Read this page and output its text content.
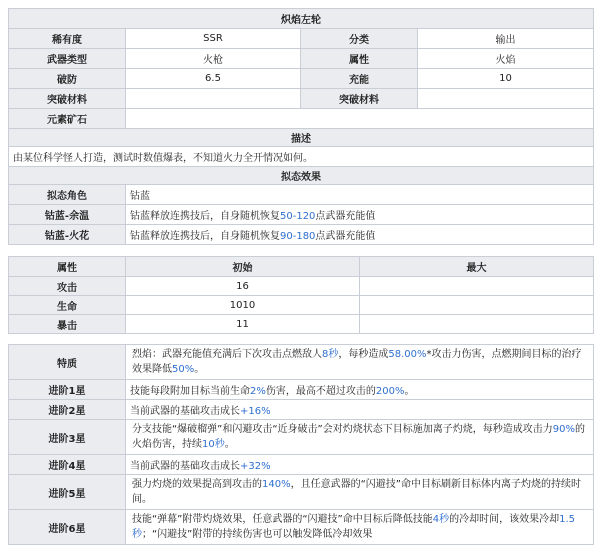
炽焰左轮			
稀有度	SSR	分类	输出
武器类型	火枪	属性	火焰
破防	6.5	充能	10
突破材料		突破材料	
元素矿石			
描述			
由某位科学怪人打造，测试时数值爆表，不知道火力全开情况如何。			
拟态效果			
拟态角色	钴蓝		
钴蓝-余温	钴蓝释放连携技后，自身随机恢复50-120点武器充能值		
钴蓝-火花	钴蓝释放连携技后，自身随机恢复90-180点武器充能值		
属性	初始	最大
攻击	16	
生命	1010	
暴击	11	
特质	烈焰：武器充能值充满后下次攻击点燃敌人8秒，每秒造成58.00%*攻击力伤害，点燃期间目标的治疗效果降低50%。
进阶1星	技能每段附加目标当前生命2%伤害，最高不超过攻击的200%。
进阶2星	当前武器的基础攻击成长+16%
进阶3星	分支技能“爆破榴弹”和闪避攻击“近身破击”会对灼烧状态下目标施加离子灼烧，每秒造成攻击力90%的火焰伤害，持续10秒。
进阶4星	当前武器的基础攻击成长+32%
进阶5星	强力灼烧的效果提高到攻击的140%，且任意武器的“闪避技”命中目标刷新目标体内离子灼烧的持续时间。
进阶6星	技能“弹幕”附带灼烧效果，任意武器的“闪避技”命中目标后降低技能4秒的冷却时间，该效果冷却1.5秒；“闪避技”附带的持续伤害也可以触发降低冷却效果
